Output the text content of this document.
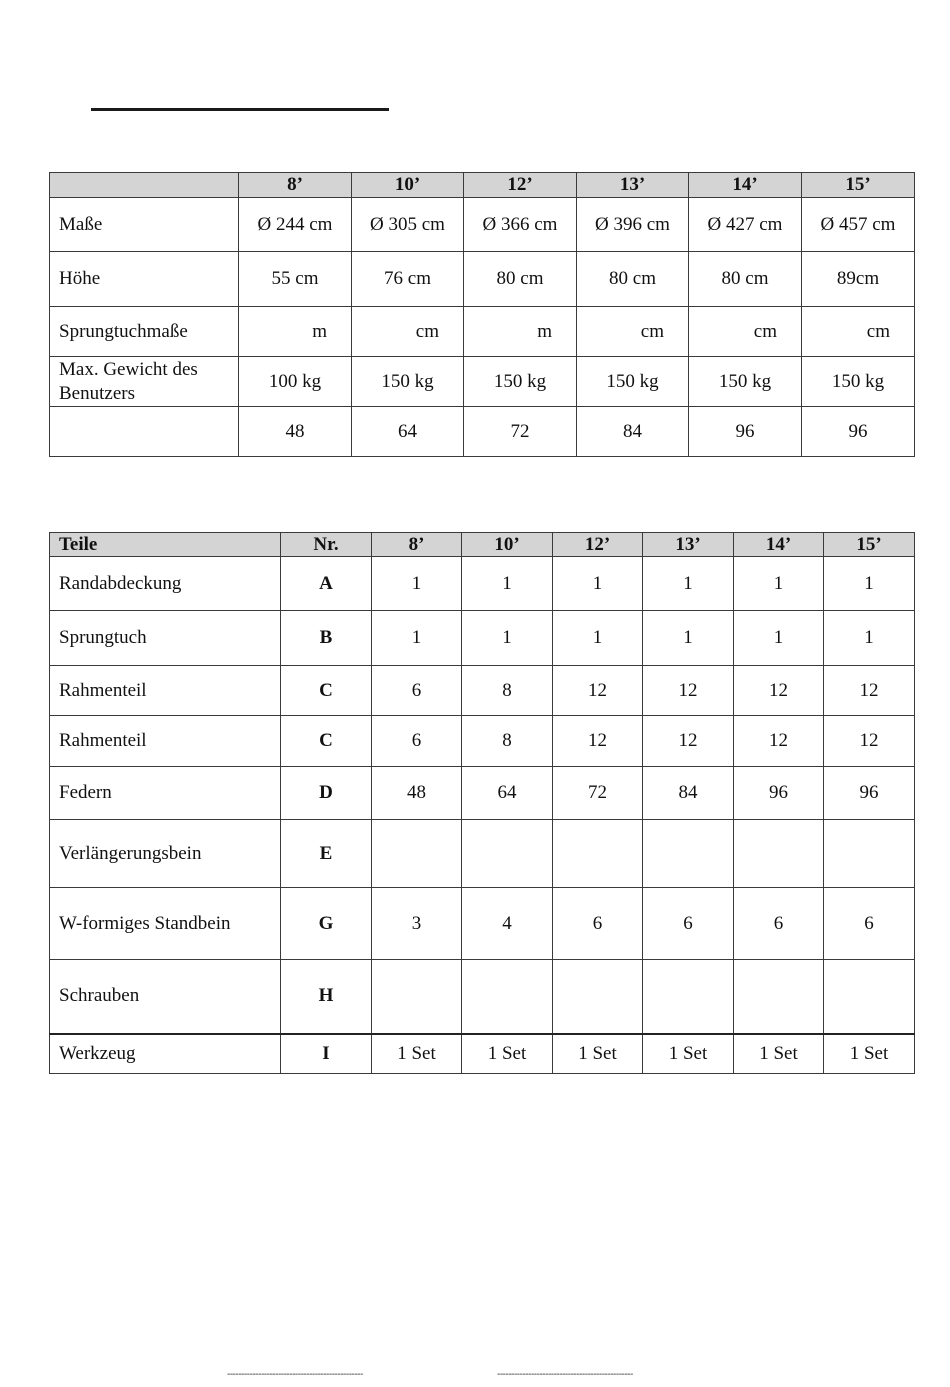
	8’	10’	12’	13’	14’	15’
Maße	Ø 244 cm	Ø 305 cm	Ø 366 cm	Ø 396 cm	Ø 427 cm	Ø 457 cm
Höhe	55 cm	76 cm	80 cm	80 cm	80 cm	89cm
Sprungtuchmaße	m	cm	m	cm	cm	cm

Max. Gewicht des
Benutzers	100 kg	150 kg	150 kg	150 kg	150 kg	150 kg
	48	64	72	84	96	96
Teile	Nr.	8’	10’	12’	13’	14’	15’
Randabdeckung	A	1	1	1	1	1	1
Sprungtuch	B	1	1	1	1	1	1
Rahmenteil	C	6	8	12	12	12	12
Rahmenteil	C	6	8	12	12	12	12
Federn	D	48	64	72	84	96	96
Verlängerungsbein	E						
W-formiges Standbein	G	3	4	6	6	6	6
Schrauben	H						
Werkzeug	I	1 Set	1 Set	1 Set	1 Set	1 Set	1 Set
------------------------------------------------	------------------------------------------------
